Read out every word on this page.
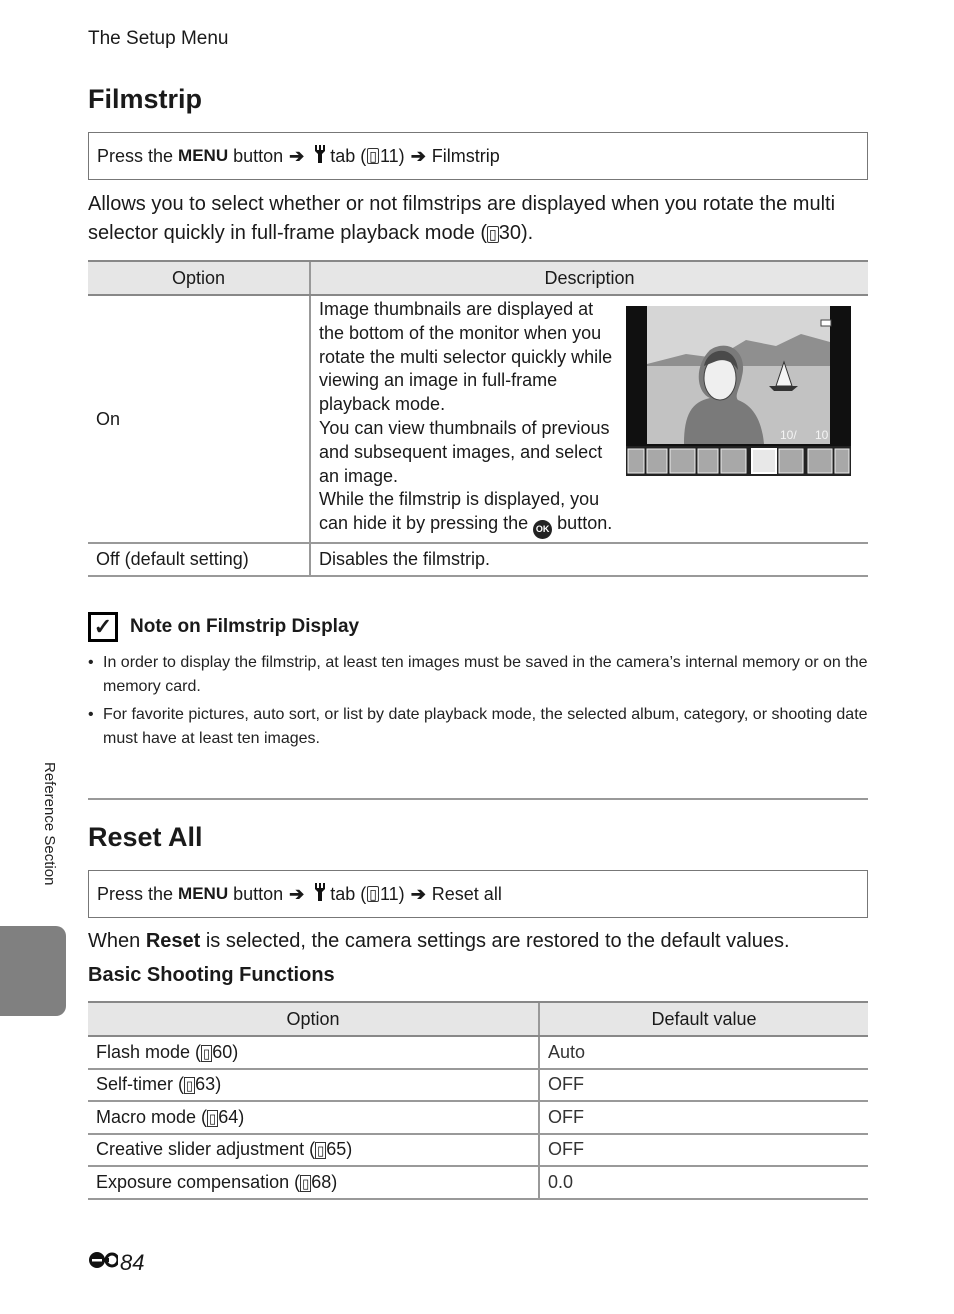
The Setup Menu
Filmstrip
Press the MENU button ➔ tab ( ▯ 11) ➔ Filmstrip
Allows you to select whether or not filmstrips are displayed when you rotate the multi selector quickly in full-frame playback mode ( ▯ 30).
Option	Description
On	Image thumbnails are displayed at the bottom of the monitor when you rotate the multi selector quickly while viewing an image in full-frame playback mode.
You can view thumbnails of previous and subsequent images, and select an image.
While the filmstrip is displayed, you can hide it by pressing the OK button.

Off (default setting)	Disables the filmstrip.
10/ 10
✓ Note on Filmstrip Display
• In order to display the filmstrip, at least ten images must be saved in the camera’s internal memory or on the memory card.
• For favorite pictures, auto sort, or list by date playback mode, the selected album, category, or shooting date must have at least ten images.
Reset All
Press the MENU button ➔ tab ( ▯ 11) ➔ Reset all
When Reset is selected, the camera settings are restored to the default values.
Basic Shooting Functions
Option	Default value
Flash mode ( ▯ 60)	Auto
Self-timer ( ▯ 63)	OFF
Macro mode ( ▯ 64)	OFF
Creative slider adjustment ( ▯ 65)	OFF
Exposure compensation ( ▯ 68)	0.0
Reference Section
84
